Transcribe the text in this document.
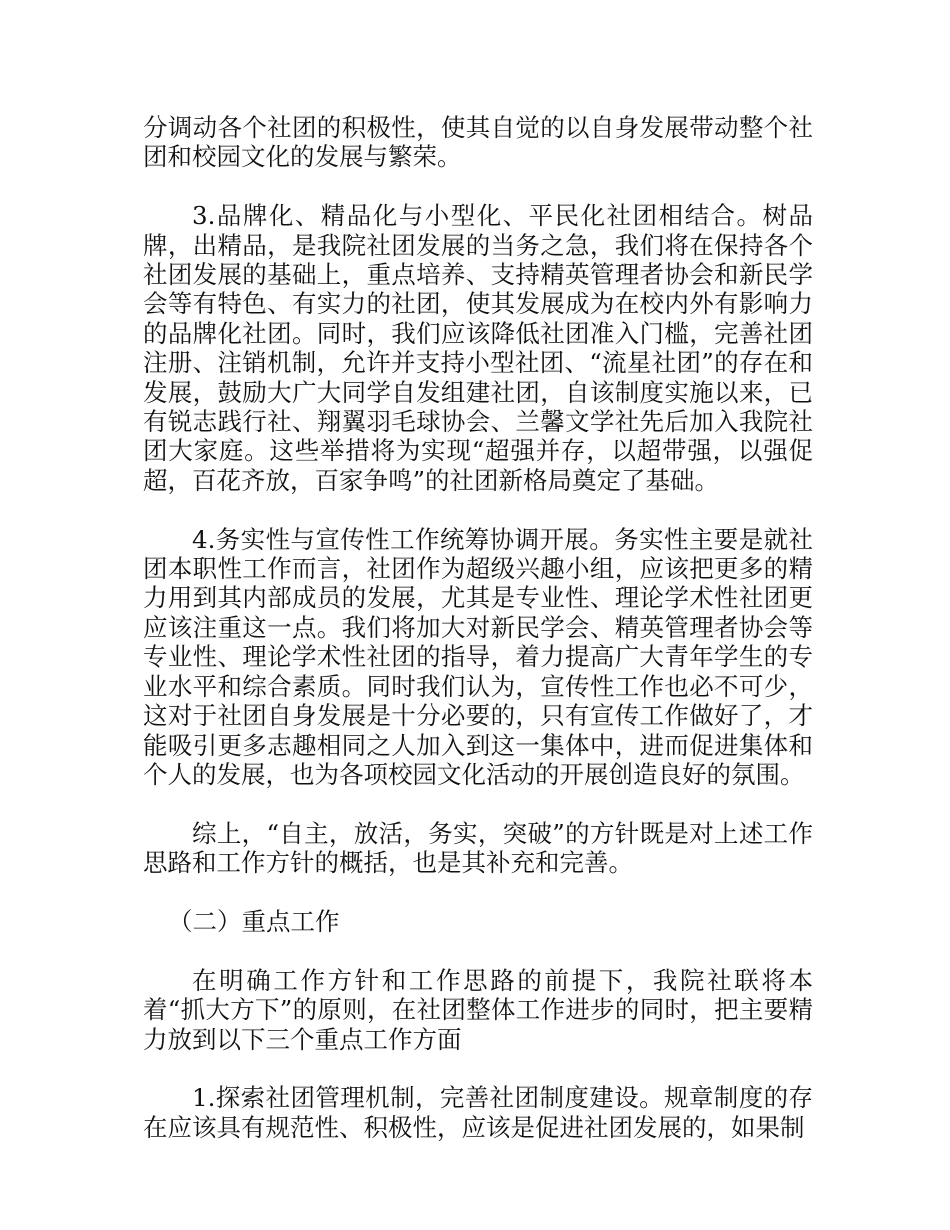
分调动各个社团的积极性，使其自觉的以自身发展带动整个社团和校园文化的发展与繁荣。

3.品牌化、精品化与小型化、平民化社团相结合。树品牌，出精品，是我院社团发展的当务之急，我们将在保持各个社团发展的基础上，重点培养、支持精英管理者协会和新民学会等有特色、有实力的社团，使其发展成为在校内外有影响力的品牌化社团。同时，我们应该降低社团准入门槛，完善社团注册、注销机制，允许并支持小型社团、“流星社团”的存在和发展，鼓励大广大同学自发组建社团，自该制度实施以来，已有锐志践行社、翔翼羽毛球协会、兰馨文学社先后加入我院社团大家庭。这些举措将为实现“超强并存，以超带强，以强促超，百花齐放，百家争鸣”的社团新格局奠定了基础。

4.务实性与宣传性工作统筹协调开展。务实性主要是就社团本职性工作而言，社团作为超级兴趣小组，应该把更多的精力用到其内部成员的发展，尤其是专业性、理论学术性社团更应该注重这一点。我们将加大对新民学会、精英管理者协会等专业性、理论学术性社团的指导，着力提高广大青年学生的专业水平和综合素质。同时我们认为，宣传性工作也必不可少，这对于社团自身发展是十分必要的，只有宣传工作做好了，才能吸引更多志趣相同之人加入到这一集体中，进而促进集体和个人的发展，也为各项校园文化活动的开展创造良好的氛围。

综上，“自主，放活，务实，突破”的方针既是对上述工作思路和工作方针的概括，也是其补充和完善。

（二）重点工作

在明确工作方针和工作思路的前提下，我院社联将本着“抓大方下”的原则，在社团整体工作进步的同时，把主要精力放到以下三个重点工作方面

1.探索社团管理机制，完善社团制度建设。规章制度的存在应该具有规范性、积极性，应该是促进社团发展的，如果制
